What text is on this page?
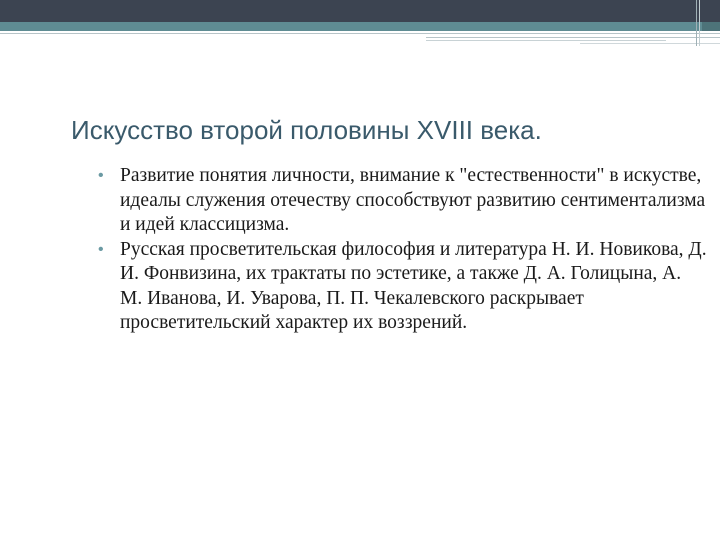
Искусство второй половины XVIII века.
• Развитие понятия личности, внимание к "естественности" в искустве, идеалы служения отечеству способствуют развитию сентиментализма и идей классицизма.
• Русская просветительская философия и литература Н. И. Новикова, Д. И. Фонвизина, их трактаты по эстетике, а также Д. А. Голицына, А. М. Иванова, И. Уварова, П. П. Чекалевского раскрывает просветительский характер их воззрений.
